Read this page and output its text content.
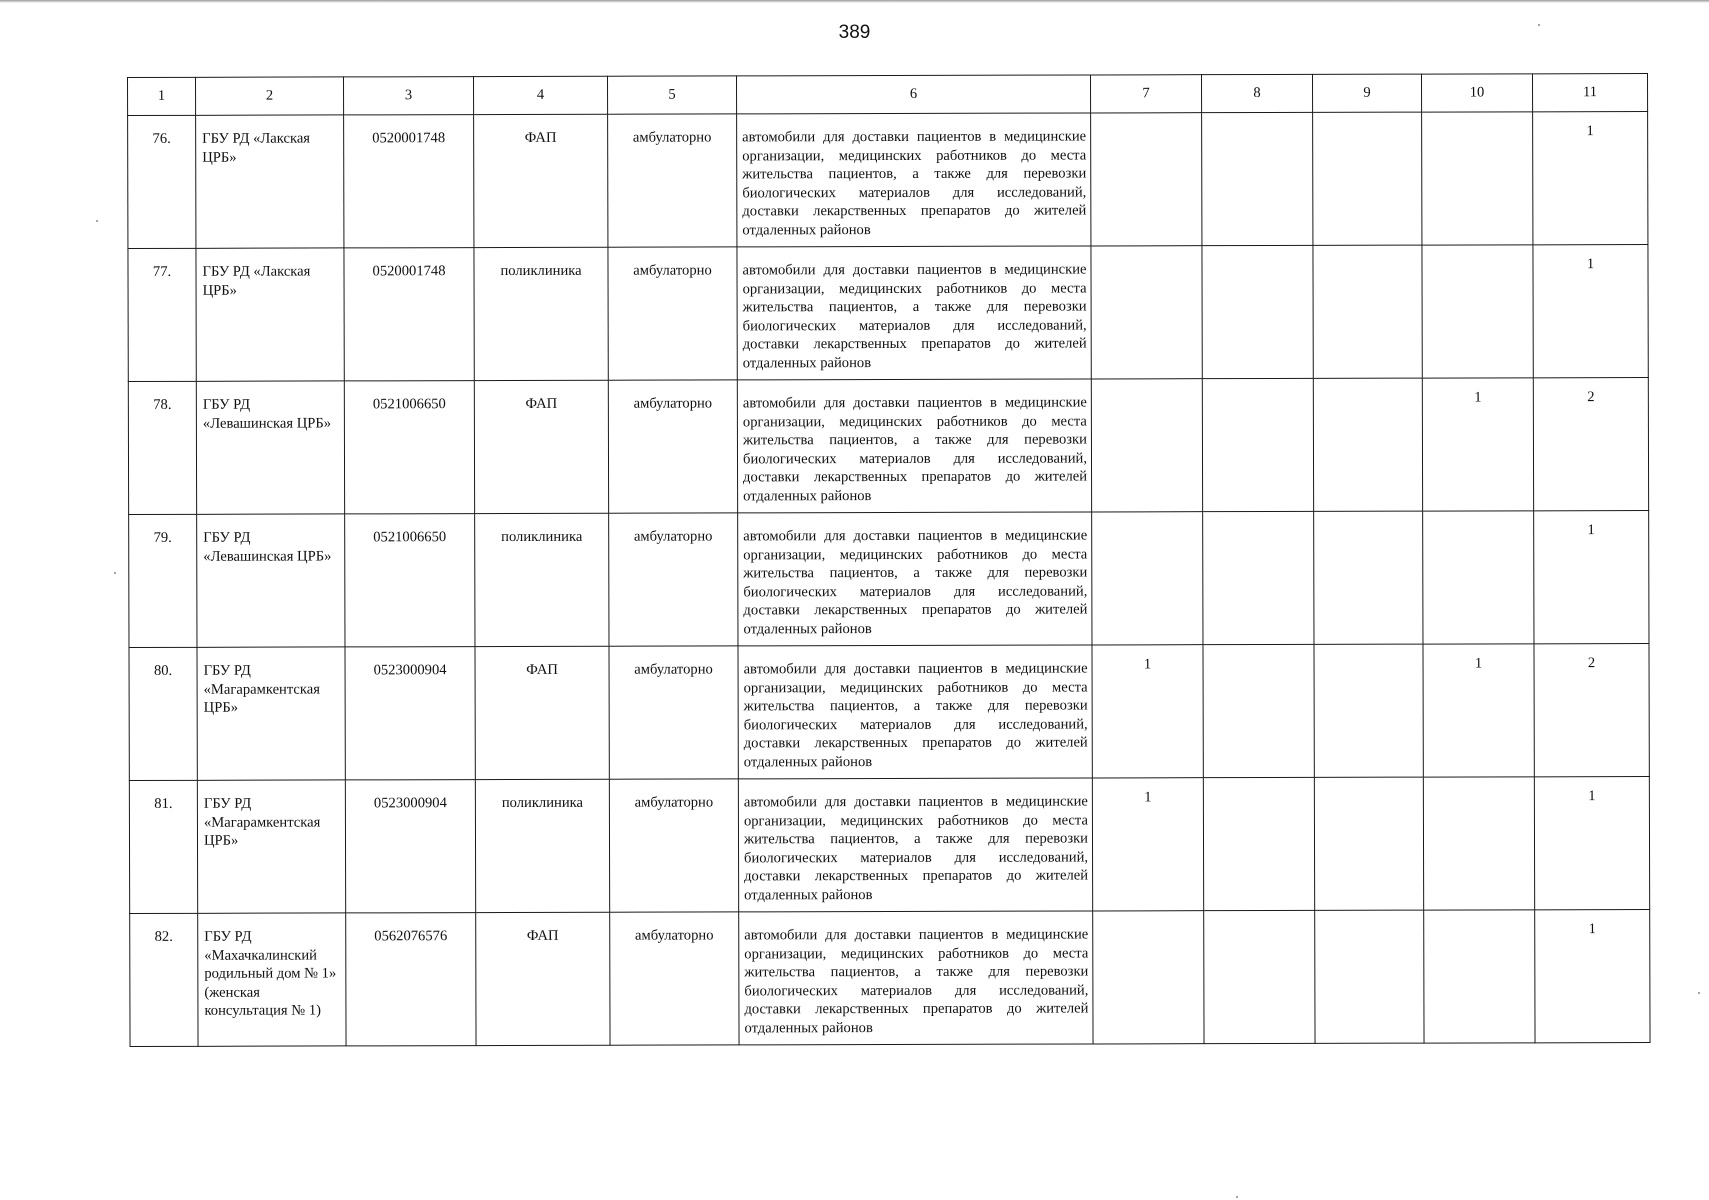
389
1	2	3	4	5	6	7	8	9	10	11
76.	ГБУ РД «Лакская ЦРБ»	0520001748	ФАП	амбулаторно	автомобили для доставки пациентов в медицинские организации, медицинских работников до места жительства пациентов, а также для перевозки биологических материалов для исследований, доставки лекарственных препаратов до жителей отдаленных районов					1
77.	ГБУ РД «Лакская ЦРБ»	0520001748	поликлиника	амбулаторно	автомобили для доставки пациентов в медицинские организации, медицинских работников до места жительства пациентов, а также для перевозки биологических материалов для исследований, доставки лекарственных препаратов до жителей отдаленных районов					1
78.	ГБУ РД «Левашинская ЦРБ»	0521006650	ФАП	амбулаторно	автомобили для доставки пациентов в медицинские организации, медицинских работников до места жительства пациентов, а также для перевозки биологических материалов для исследований, доставки лекарственных препаратов до жителей отдаленных районов				1	2
79.	ГБУ РД «Левашинская ЦРБ»	0521006650	поликлиника	амбулаторно	автомобили для доставки пациентов в медицинские организации, медицинских работников до места жительства пациентов, а также для перевозки биологических материалов для исследований, доставки лекарственных препаратов до жителей отдаленных районов					1
80.	ГБУ РД «Магарамкентская ЦРБ»	0523000904	ФАП	амбулаторно	автомобили для доставки пациентов в медицинские организации, медицинских работников до места жительства пациентов, а также для перевозки биологических материалов для исследований, доставки лекарственных препаратов до жителей отдаленных районов	1			1	2
81.	ГБУ РД «Магарамкентская ЦРБ»	0523000904	поликлиника	амбулаторно	автомобили для доставки пациентов в медицинские организации, медицинских работников до места жительства пациентов, а также для перевозки биологических материалов для исследований, доставки лекарственных препаратов до жителей отдаленных районов	1				1
82.	ГБУ РД «Махачкалинский родильный дом № 1» (женская консультация № 1)	0562076576	ФАП	амбулаторно	автомобили для доставки пациентов в медицинские организации, медицинских работников до места жительства пациентов, а также для перевозки биологических материалов для исследований, доставки лекарственных препаратов до жителей отдаленных районов					1
